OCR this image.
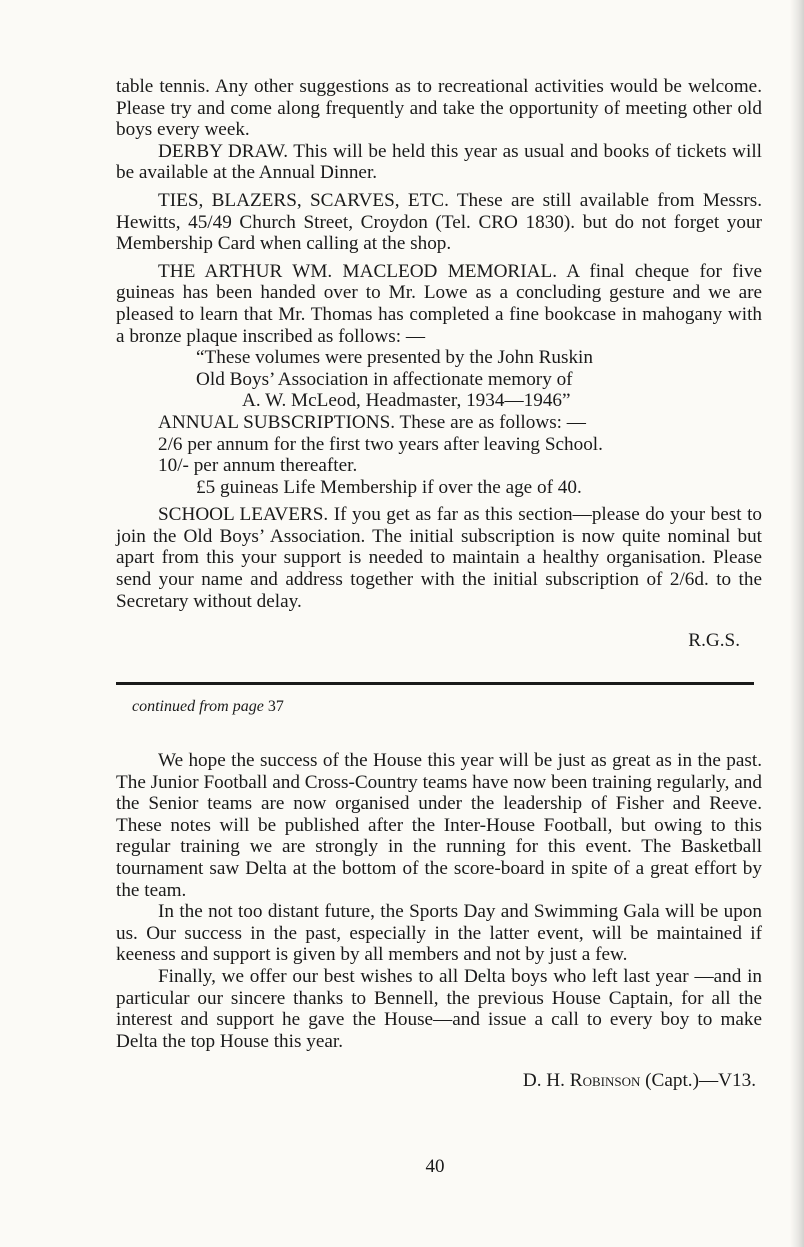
table tennis. Any other suggestions as to recreational activities would be welcome. Please try and come along frequently and take the opportunity of meeting other old boys every week.

DERBY DRAW. This will be held this year as usual and books of tickets will be available at the Annual Dinner.

TIES, BLAZERS, SCARVES, ETC. These are still available from Messrs. Hewitts, 45/49 Church Street, Croydon (Tel. CRO 1830). but do not forget your Membership Card when calling at the shop.

THE ARTHUR WM. MACLEOD MEMORIAL. A final cheque for five guineas has been handed over to Mr. Lowe as a concluding gesture and we are pleased to learn that Mr. Thomas has completed a fine bookcase in mahogany with a bronze plaque inscribed as follows: —

“These volumes were presented by the John Ruskin
Old Boys’ Association in affectionate memory of
A. W. McLeod, Headmaster, 1934—1946”
ANNUAL SUBSCRIPTIONS. These are as follows: —
2/6 per annum for the first two years after leaving School.
10/- per annum thereafter.
£5 guineas Life Membership if over the age of 40.

SCHOOL LEAVERS. If you get as far as this section—please do your best to join the Old Boys’ Association. The initial subscription is now quite nominal but apart from this your support is needed to maintain a healthy organisation. Please send your name and address together with the initial subscription of 2/6d. to the Secretary without delay.

R.G.S.
continued from page 37

We hope the success of the House this year will be just as great as in the past. The Junior Football and Cross-Country teams have now been training regularly, and the Senior teams are now organised under the leadership of Fisher and Reeve. These notes will be published after the Inter-House Football, but owing to this regular training we are strongly in the running for this event. The Basketball tournament saw Delta at the bottom of the score-board in spite of a great effort by the team.

In the not too distant future, the Sports Day and Swimming Gala will be upon us. Our success in the past, especially in the latter event, will be maintained if keeness and support is given by all members and not by just a few.

Finally, we offer our best wishes to all Delta boys who left last year —and in particular our sincere thanks to Bennell, the previous House Captain, for all the interest and support he gave the House—and issue a call to every boy to make Delta the top House this year.

D. H. Robinson (Capt.)—V13.
40
